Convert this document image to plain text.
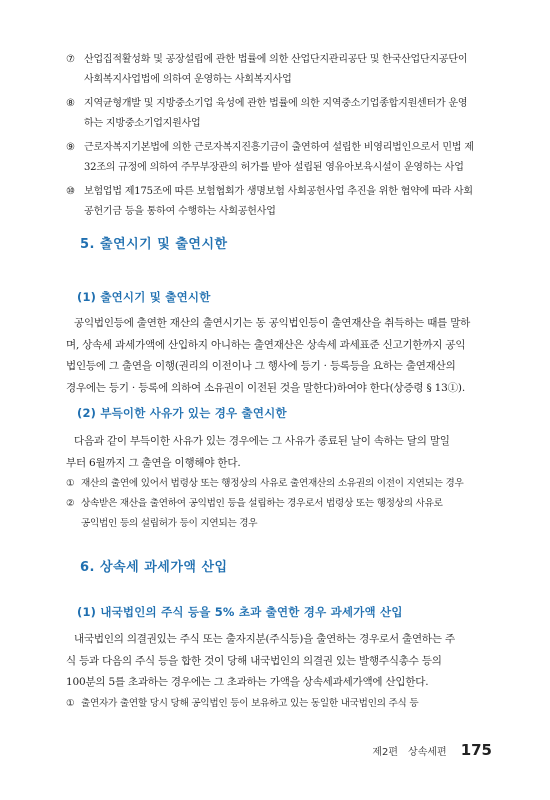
⑦ 산업집적활성화 및 공장설립에 관한 법률에 의한 산업단지관리공단 및 한국산업단지공단이
사회복지사업법에 의하여 운영하는 사회복지사업
⑧ 지역균형개발 및 지방중소기업 육성에 관한 법률에 의한 지역중소기업종합지원센터가 운영
하는 지방중소기업지원사업
⑨ 근로자복지기본법에 의한 근로자복지진흥기금이 출연하여 설립한 비영리법인으로서 민법 제
32조의 규정에 의하여 주무부장관의 허가를 받아 설립된 영유아보육시설이 운영하는 사업
⑩ 보험업법 제175조에 따른 보험협회가 생명보험 사회공헌사업 추진을 위한 협약에 따라 사회
공헌기금 등을 통하여 수행하는 사회공헌사업
5. 출연시기 및 출연시한
(1) 출연시기 및 출연시한
공익법인등에 출연한 재산의 출연시기는 동 공익법인등이 출연재산을 취득하는 때를 말하
며, 상속세 과세가액에 산입하지 아니하는 출연재산은 상속세 과세표준 신고기한까지 공익
법인등에 그 출연을 이행(권리의 이전이나 그 행사에 등기 · 등록등을 요하는 출연재산의
경우에는 등기 · 등록에 의하여 소유권이 이전된 것을 말한다)하여야 한다(상증령 § 13①).
(2) 부득이한 사유가 있는 경우 출연시한
다음과 같이 부득이한 사유가 있는 경우에는 그 사유가 종료된 날이 속하는 달의 말일
부터 6월까지 그 출연을 이행해야 한다.
① 재산의 출연에 있어서 법령상 또는 행정상의 사유로 출연재산의 소유권의 이전이 지연되는 경우
② 상속받은 재산을 출연하여 공익법인 등을 설립하는 경우로서 법령상 또는 행정상의 사유로
공익법인 등의 설립허가 등이 지연되는 경우
6. 상속세 과세가액 산입
(1) 내국법인의 주식 등을 5% 초과 출연한 경우 과세가액 산입
내국법인의 의결권있는 주식 또는 출자지분(주식등)을 출연하는 경우로서 출연하는 주
식 등과 다음의 주식 등을 합한 것이 당해 내국법인의 의결권 있는 발행주식총수 등의
100분의 5를 초과하는 경우에는 그 초과하는 가액을 상속세과세가액에 산입한다.
① 출연자가 출연할 당시 당해 공익법인 등이 보유하고 있는 동일한 내국법인의 주식 등
제2편 상속세편 175
